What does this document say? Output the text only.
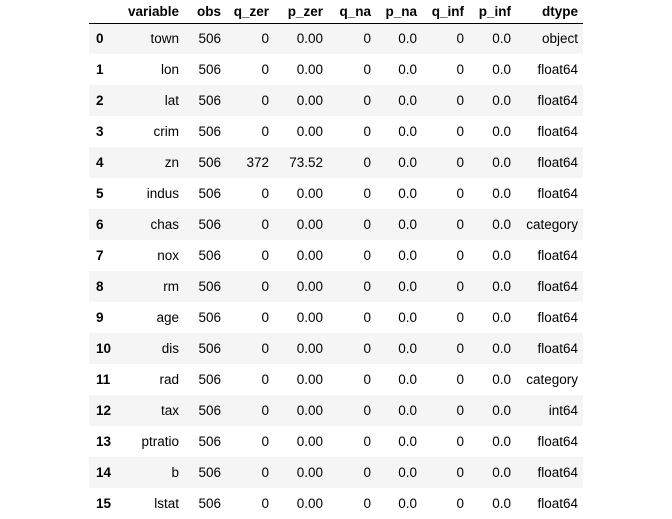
	variable	obs	q_zer	p_zer	q_na	p_na	q_inf	p_inf	dtype
0	town	506	0	0.00	0	0.0	0	0.0	object
1	lon	506	0	0.00	0	0.0	0	0.0	float64
2	lat	506	0	0.00	0	0.0	0	0.0	float64
3	crim	506	0	0.00	0	0.0	0	0.0	float64
4	zn	506	372	73.52	0	0.0	0	0.0	float64
5	indus	506	0	0.00	0	0.0	0	0.0	float64
6	chas	506	0	0.00	0	0.0	0	0.0	category
7	nox	506	0	0.00	0	0.0	0	0.0	float64
8	rm	506	0	0.00	0	0.0	0	0.0	float64
9	age	506	0	0.00	0	0.0	0	0.0	float64
10	dis	506	0	0.00	0	0.0	0	0.0	float64
11	rad	506	0	0.00	0	0.0	0	0.0	category
12	tax	506	0	0.00	0	0.0	0	0.0	int64
13	ptratio	506	0	0.00	0	0.0	0	0.0	float64
14	b	506	0	0.00	0	0.0	0	0.0	float64
15	lstat	506	0	0.00	0	0.0	0	0.0	float64
